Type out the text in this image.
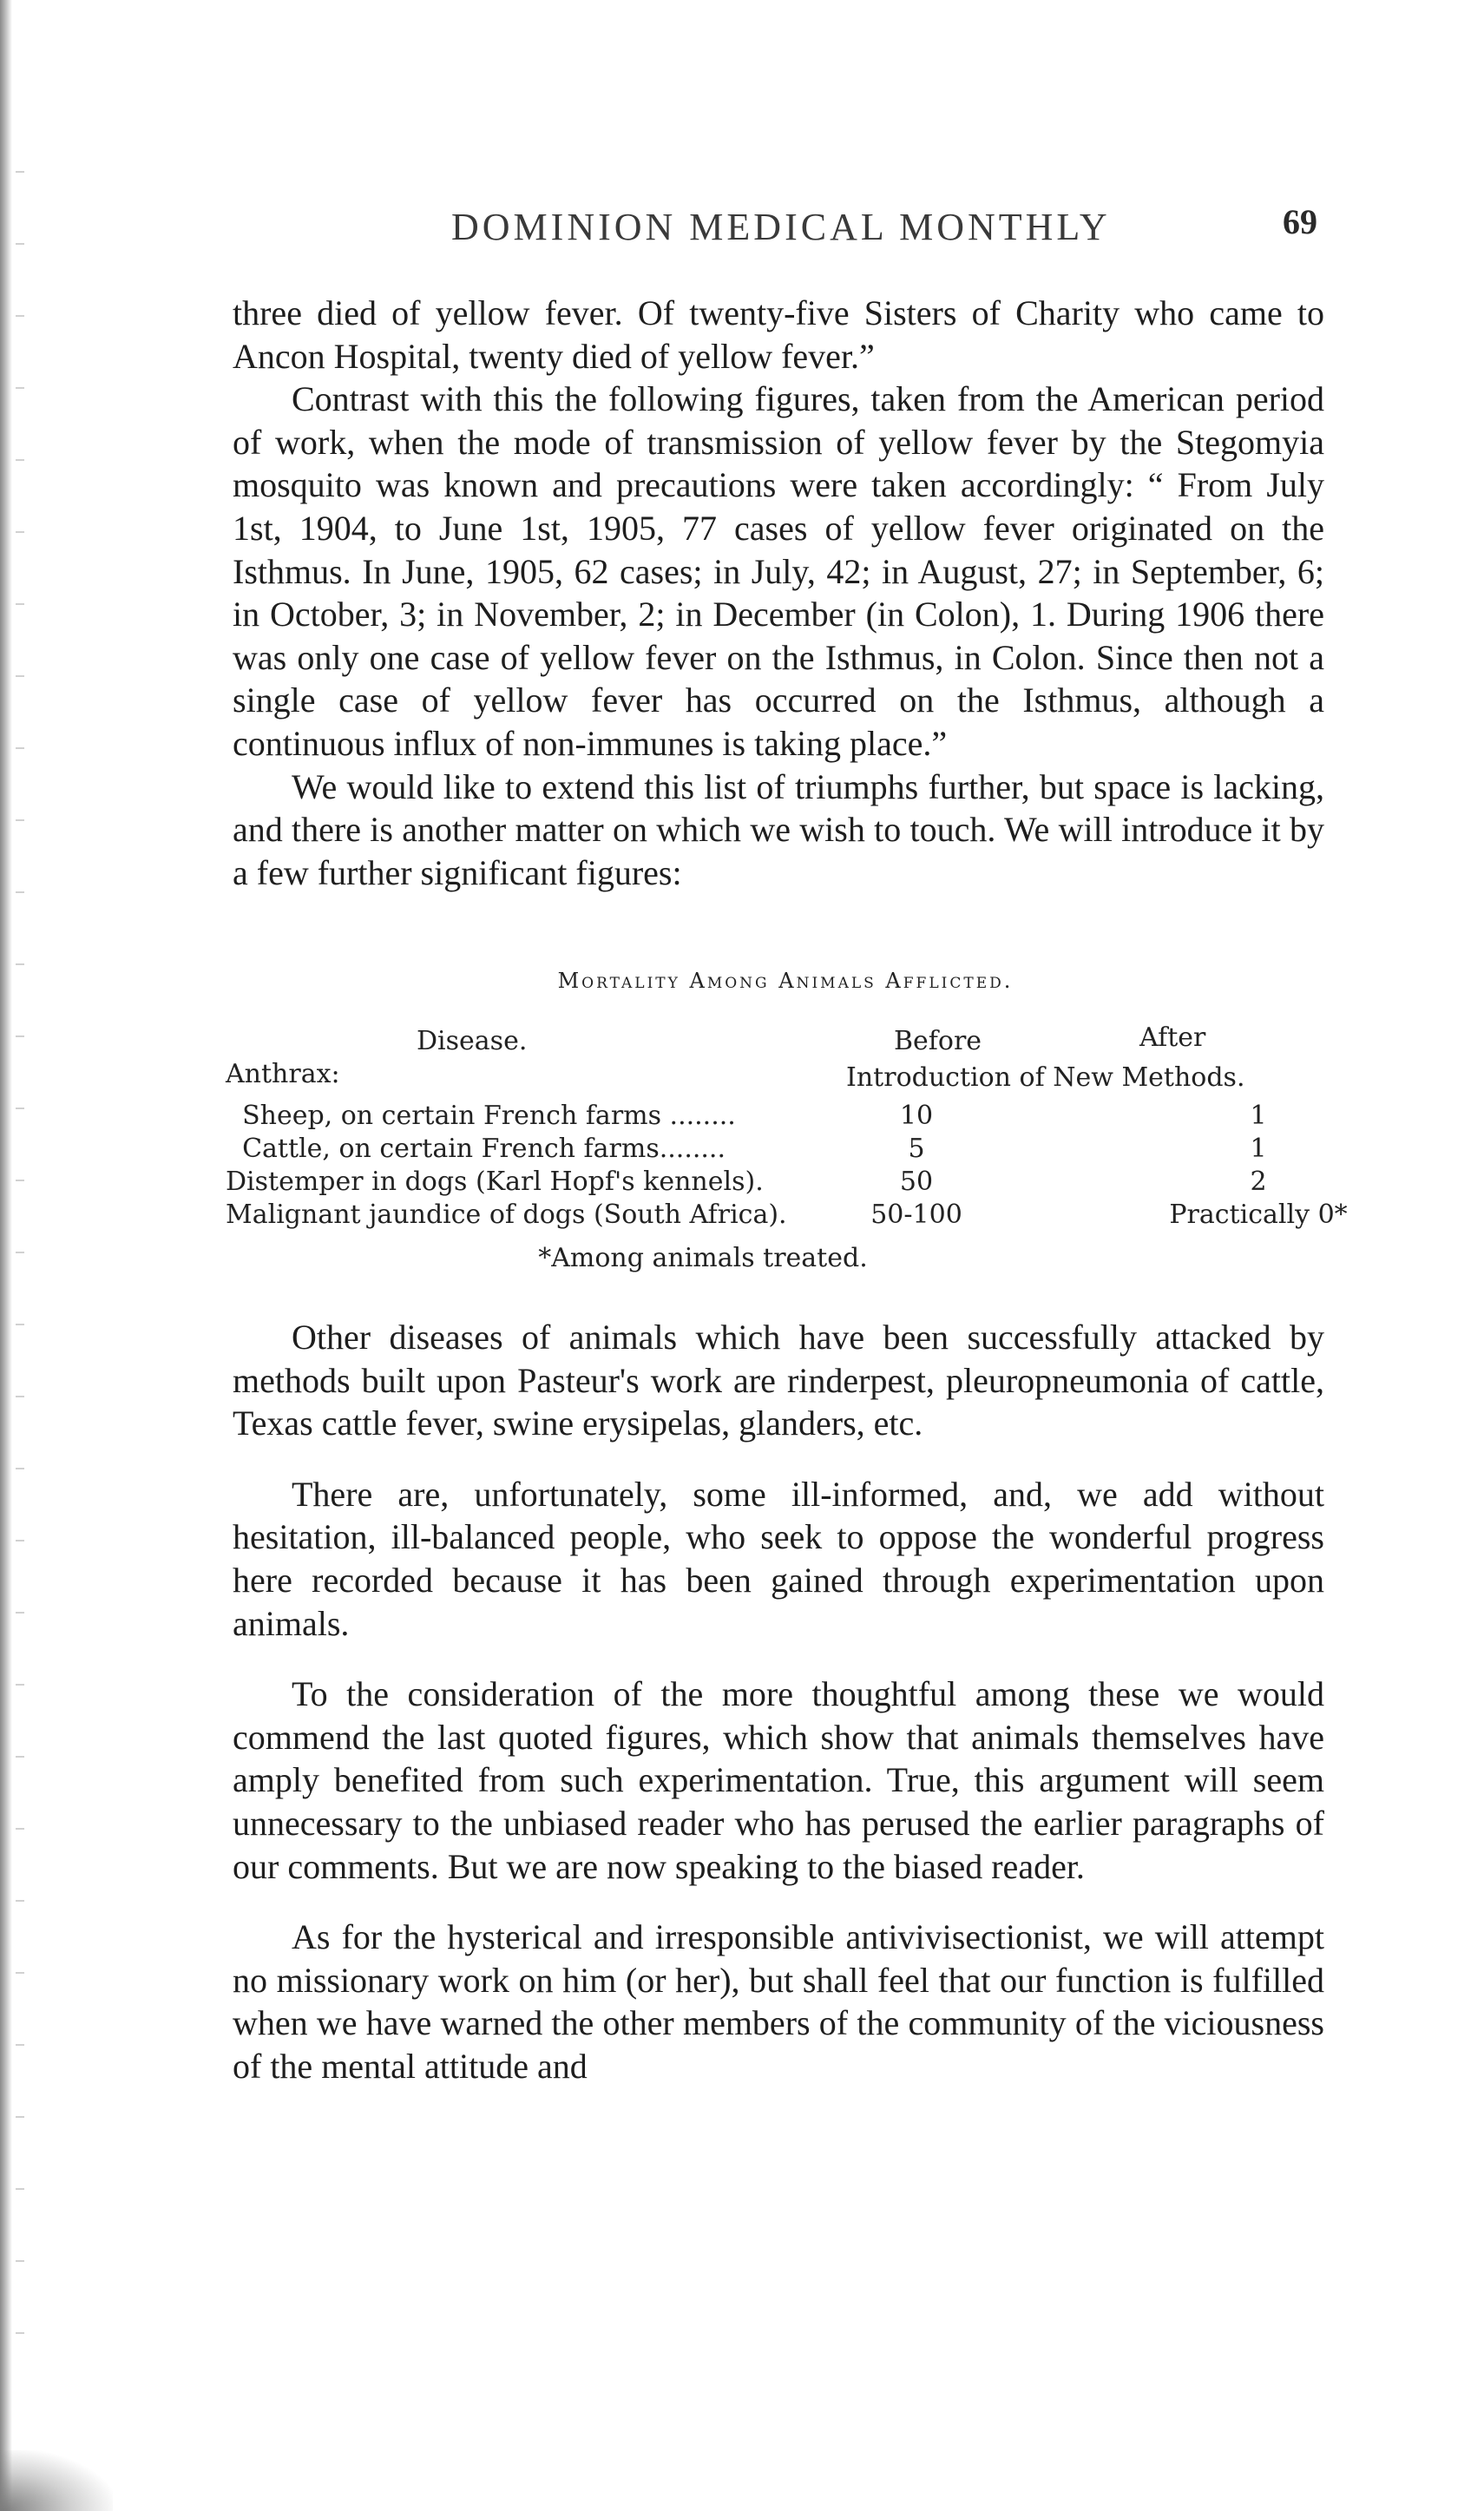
DOMINION MEDICAL MONTHLY	69

three died of yellow fever. Of twenty-five Sisters of Charity who came to Ancon Hospital, twenty died of yellow fever.”

Contrast with this the following figures, taken from the American period of work, when the mode of transmission of yellow fever by the Stegomyia mosquito was known and precautions were taken accordingly: “ From July 1st, 1904, to June 1st, 1905, 77 cases of yellow fever originated on the Isthmus. In June, 1905, 62 cases; in July, 42; in August, 27; in September, 6; in October, 3; in November, 2; in December (in Colon), 1. During 1906 there was only one case of yellow fever on the Isthmus, in Colon. Since then not a single case of yellow fever has occurred on the Isthmus, although a continuous influx of non-immunes is taking place.”

We would like to extend this list of triumphs further, but space is lacking, and there is another matter on which we wish to touch. We will introduce it by a few further significant figures:

Mortality Among Animals Afflicted.
Disease.	Before	After
Anthrax:	Introduction of New Methods.
Sheep, on certain French farms ........	10	1
Cattle, on certain French farms........	5	1
Distemper in dogs (Karl Hopf's kennels).	50	2
Malignant jaundice of dogs (South Africa).	50-100	Practically 0*
*Among animals treated.

Other diseases of animals which have been successfully attacked by methods built upon Pasteur's work are rinderpest, pleuropneumonia of cattle, Texas cattle fever, swine erysipelas, glanders, etc.

There are, unfortunately, some ill-informed, and, we add without hesitation, ill-balanced people, who seek to oppose the wonderful progress here recorded because it has been gained through experimentation upon animals.

To the consideration of the more thoughtful among these we would commend the last quoted figures, which show that animals themselves have amply benefited from such experimentation. True, this argument will seem unnecessary to the unbiased reader who has perused the earlier paragraphs of our comments. But we are now speaking to the biased reader.

As for the hysterical and irresponsible antivivisectionist, we will attempt no missionary work on him (or her), but shall feel that our function is fulfilled when we have warned the other members of the community of the viciousness of the mental attitude and
